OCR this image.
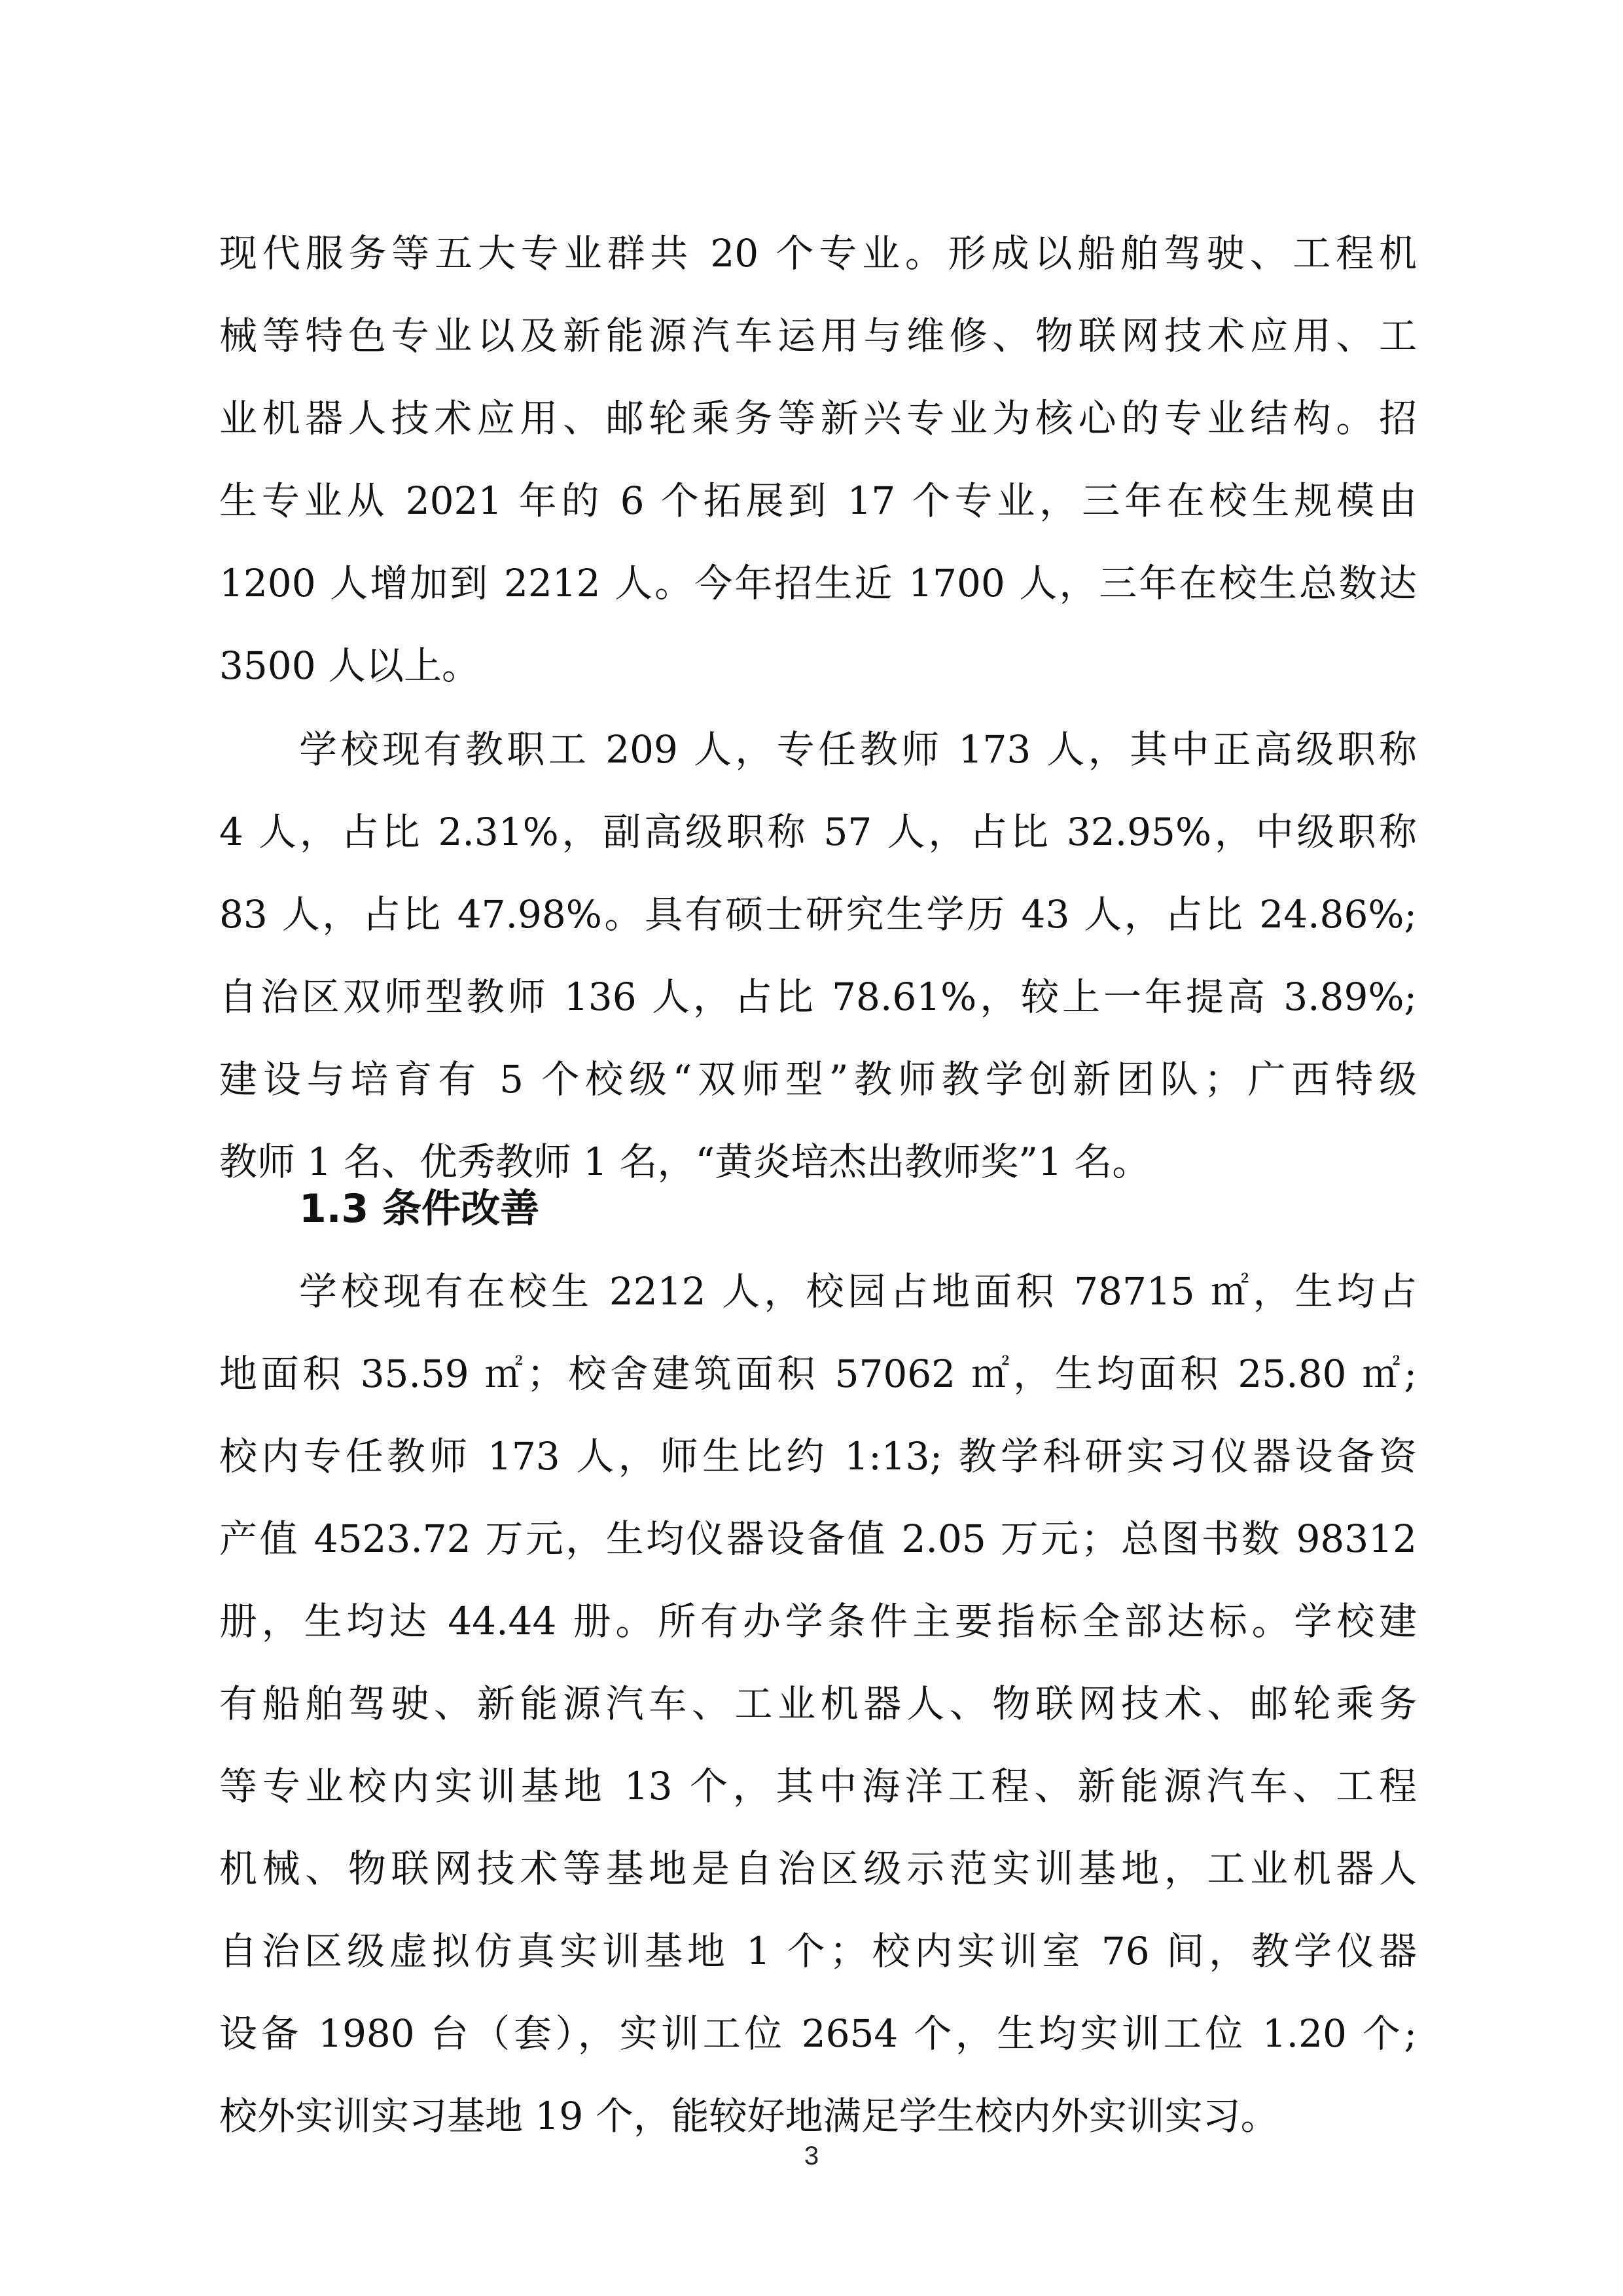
现代服务等五大专业群共 20 个专业。形成以船舶驾驶、工程机
械等特色专业以及新能源汽车运用与维修、物联网技术应用、工
业机器人技术应用、邮轮乘务等新兴专业为核心的专业结构。招
生专业从 2021 年的 6 个拓展到 17 个专业，三年在校生规模由
1200 人增加到 2212 人。今年招生近 1700 人，三年在校生总数达
3500 人以上。
学校现有教职工 209 人，专任教师 173 人，其中正高级职称
4 人，占比 2.31%，副高级职称 57 人，占比 32.95%，中级职称
83 人，占比 47.98%。具有硕士研究生学历 43 人，占比 24.86%;
自治区双师型教师 136 人，占比 78.61%，较上一年提高 3.89%;
建设与培育有 5 个校级“双师型”教师教学创新团队；广西特级
教师 1 名、优秀教师 1 名，“黄炎培杰出教师奖”1 名。
1.3 条件改善
学校现有在校生 2212 人，校园占地面积 78715 ㎡，生均占
地面积 35.59 ㎡；校舍建筑面积 57062 ㎡，生均面积 25.80 ㎡;
校内专任教师 173 人，师生比约 1:13; 教学科研实习仪器设备资
产值 4523.72 万元，生均仪器设备值 2.05 万元；总图书数 98312
册，生均达 44.44 册。所有办学条件主要指标全部达标。学校建
有船舶驾驶、新能源汽车、工业机器人、物联网技术、邮轮乘务
等专业校内实训基地 13 个，其中海洋工程、新能源汽车、工程
机械、物联网技术等基地是自治区级示范实训基地，工业机器人
自治区级虚拟仿真实训基地 1 个；校内实训室 76 间，教学仪器
设备 1980 台（套），实训工位 2654 个，生均实训工位 1.20 个;
校外实训实习基地 19 个，能较好地满足学生校内外实训实习。
3
